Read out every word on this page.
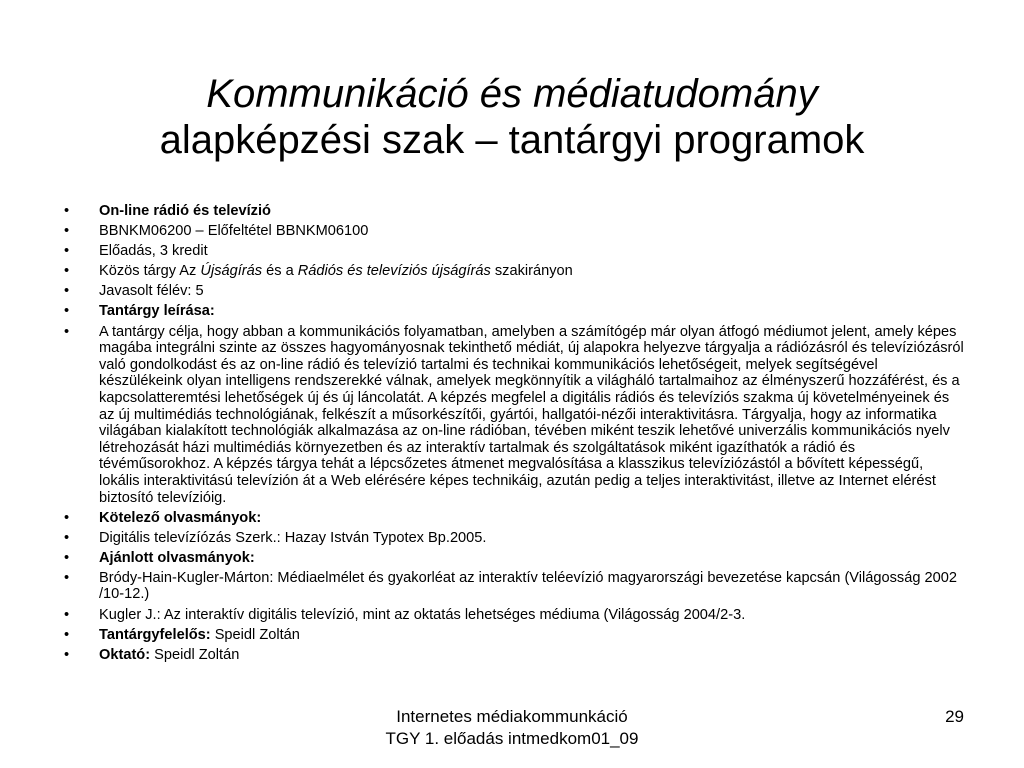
Kommunikáció és médiatudomány
alapképzési szak – tantárgyi programok
•	On-line rádió és televízió
•	BBNKM06200 – Előfeltétel BBNKM06100
•	Előadás, 3 kredit
•	Közös tárgy Az Újságírás és a Rádiós és televíziós újságírás szakirányon
•	Javasolt félév: 5
•	Tantárgy leírása:
•	A tantárgy célja, hogy abban a kommunikációs folyamatban, amelyben a számítógép már olyan átfogó médiumot jelent, amely képes magába integrálni szinte az összes hagyományosnak tekinthető médiát, új alapokra helyezve tárgyalja a rádiózásról és televíziózásról való gondolkodást és az on-line rádió és televízió tartalmi és technikai kommunikációs lehetőségeit, melyek segítségével készülékeink olyan intelligens rendszerekké válnak, amelyek megkönnyítik a világháló tartalmaihoz az élményszerű hozzáférést, és a kapcsolatteremtési lehetőségek új és új láncolatát. A képzés megfelel a digitális rádiós és televíziós szakma új követelményeinek és az új multimédiás technológiának, felkészít a műsorkészítői, gyártói, hallgatói-nézői interaktivitásra. Tárgyalja, hogy az informatika világában kialakított technológiák alkalmazása az on-line rádióban, tévében miként teszik lehetővé univerzális kommunikációs nyelv létrehozását házi multimédiás környezetben és az interaktív tartalmak és szolgáltatások miként igazíthatók a rádió és tévéműsorokhoz. A képzés tárgya tehát a lépcsőzetes átmenet megvalósítása a klasszikus televíziózástól a bővített képességű, lokális interaktivitású televízión át a Web elérésére képes technikáig, azután pedig a teljes interaktivitást, illetve az Internet elérést biztosító televízióig.
•	Kötelező olvasmányok:
•	Digitális televízíózás Szerk.: Hazay István Typotex Bp.2005.
•	Ajánlott olvasmányok:
•	Bródy-Hain-Kugler-Márton: Médiaelmélet és gyakorléat az interaktív teléevízió magyarországi bevezetése kapcsán (Világosság 2002 /10-12.)
•	Kugler J.: Az interaktív digitális televízió, mint az oktatás lehetséges médiuma (Világosság 2004/2-3.
•	Tantárgyfelelős: Speidl Zoltán
•	Oktató: Speidl Zoltán
Internetes médiakommunkáció
TGY 1. előadás intmedkom01_09
29
